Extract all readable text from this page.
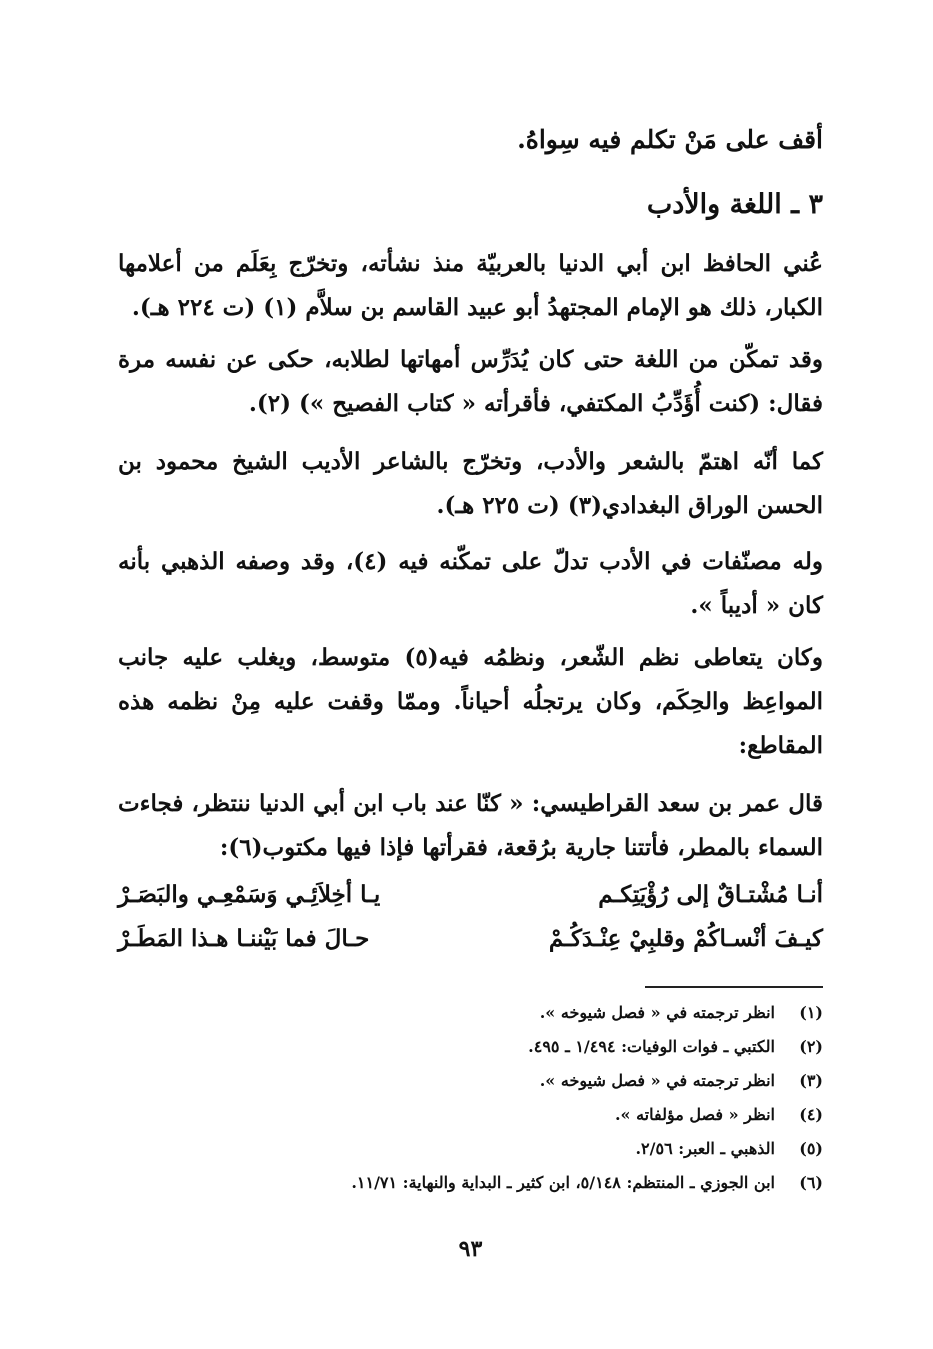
أقف على مَنْ تكلم فيه سِواهُ.

٣ ـ اللغة والأدب

عُني الحافظ ابن أبي الدنيا بالعربيّة منذ نشأته، وتخرّج بِعَلَم من أعلامها الكبار، ذلك هو الإمام المجتهدُ أبو عبيد القاسم بن سلاَّم (١) (ت ٢٢٤ هـ).

وقد تمكّن من اللغة حتى كان يُدَرِّس أمهاتها لطلابه، حكى عن نفسه مرة فقال: (كنت أُؤَدِّبُ المكتفي، فأقرأته « كتاب الفصيح ») (٢).

كما أنّه اهتمّ بالشعر والأدب، وتخرّج بالشاعر الأديب الشيخ محمود بن الحسن الوراق البغدادي(٣) (ت ٢٢٥ هـ).

وله مصنّفات في الأدب تدلّ على تمكّنه فيه (٤)، وقد وصفه الذهبي بأنه كان « أديباً ».

وكان يتعاطى نظم الشّعر، ونظمُه فيه(٥) متوسط، ويغلب عليه جانب المواعِظ والحِكَم، وكان يرتجلُه أحياناً. وممّا وقفت عليه مِنْ نظمه هذه المقاطع:

قال عمر بن سعد القراطيسي: « كنّا عند باب ابن أبي الدنيا ننتظر، فجاءت السماء بالمطر، فأتتنا جارية برُقعة، فقرأتها فإذا فيها مكتوب(٦):

أنـا مُشْتـاقٌ إلى رُؤْيَتِكـم
يـا أخِلاَئِـي وَسَمْعِـي والبَصَـرْ
كيـفَ أنْسـاكُمْ وقلبِيْ عِنْـدَكُـمْ
حـالَ فما بَيْننـا هـذا المَطَـرْ
(١)
انظر ترجمته في « فصل شيوخه ».
(٢)
الكتبي ـ فوات الوفيات: ١/٤٩٤ ـ ٤٩٥.
(٣)
انظر ترجمته في « فصل شيوخه ».
(٤)
انظر « فصل مؤلفاته ».
(٥)
الذهبي ـ العبر: ٢/٥٦.
(٦)
ابن الجوزي ـ المنتظم: ٥/١٤٨، ابن كثير ـ البداية والنهاية: ١١/٧١.

٩٣
